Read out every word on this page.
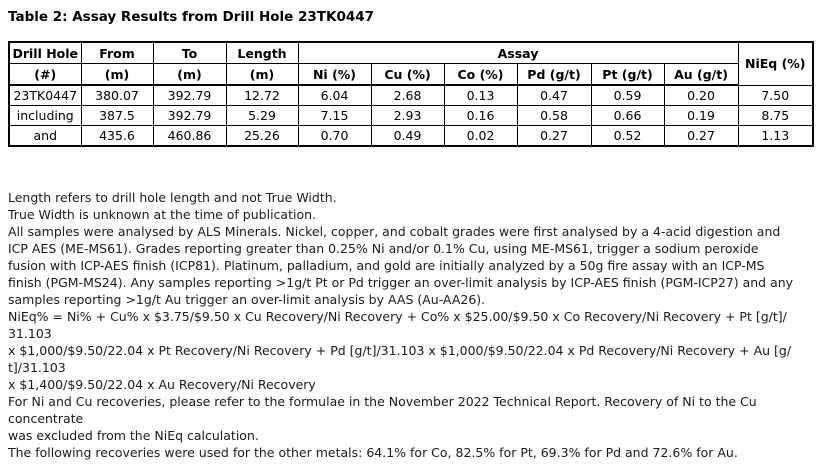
Table 2: Assay Results from Drill Hole 23TK0447
Drill Hole	From	To	Length	Assay						NiEq (%)
(#)	(m)	(m)	(m)	Ni (%)	Cu (%)	Co (%)	Pd (g/t)	Pt (g/t)	Au (g/t)	
23TK0447	380.07	392.79	12.72	6.04	2.68	0.13	0.47	0.59	0.20	7.50
including	387.5	392.79	5.29	7.15	2.93	0.16	0.58	0.66	0.19	8.75
and	435.6	460.86	25.26	0.70	0.49	0.02	0.27	0.52	0.27	1.13
Length refers to drill hole length and not True Width.
True Width is unknown at the time of publication.
All samples were analysed by ALS Minerals. Nickel, copper, and cobalt grades were first analysed by a 4-acid digestion and
ICP AES (ME-MS61). Grades reporting greater than 0.25% Ni and/or 0.1% Cu, using ME-MS61, trigger a sodium peroxide
fusion with ICP-AES finish (ICP81). Platinum, palladium, and gold are initially analyzed by a 50g fire assay with an ICP-MS
finish (PGM-MS24). Any samples reporting >1g/t Pt or Pd trigger an over-limit analysis by ICP-AES finish (PGM-ICP27) and any
samples reporting >1g/t Au trigger an over-limit analysis by AAS (Au-AA26).
NiEq% = Ni% + Cu% x $3.75/$9.50 x Cu Recovery/Ni Recovery + Co% x $25.00/$9.50 x Co Recovery/Ni Recovery + Pt [g/t]/
31.103
x $1,000/$9.50/22.04 x Pt Recovery/Ni Recovery + Pd [g/t]/31.103 x $1,000/$9.50/22.04 x Pd Recovery/Ni Recovery + Au [g/
t]/31.103
x $1,400/$9.50/22.04 x Au Recovery/Ni Recovery
For Ni and Cu recoveries, please refer to the formulae in the November 2022 Technical Report. Recovery of Ni to the Cu
concentrate
was excluded from the NiEq calculation.
The following recoveries were used for the other metals: 64.1% for Co, 82.5% for Pt, 69.3% for Pd and 72.6% for Au.
